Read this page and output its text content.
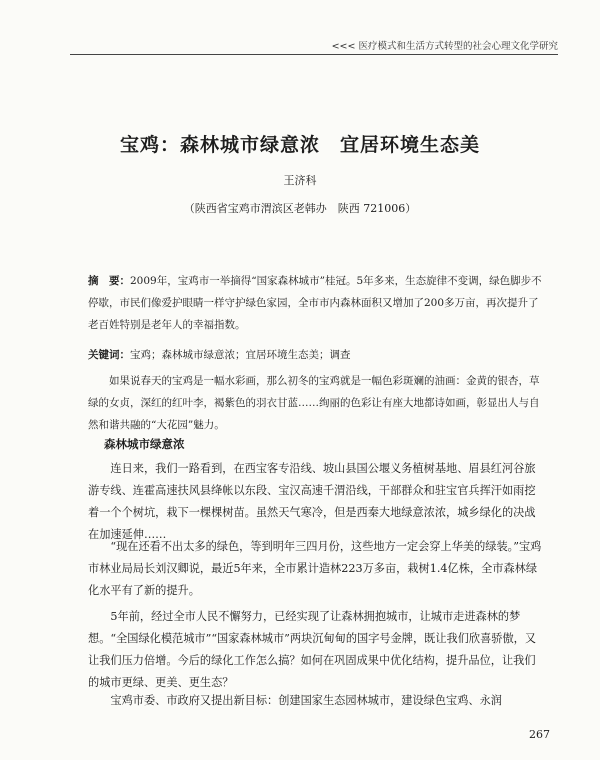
<<< 医疗模式和生活方式转型的社会心理文化学研究
宝鸡：森林城市绿意浓　宜居环境生态美
王济科
（陕西省宝鸡市渭滨区老韩办　陕西 721006）
摘　要：2009年，宝鸡市一举摘得“国家森林城市”桂冠。5年多来，生态旋律不变调，绿色脚步不停歇，市民们像爱护眼睛一样守护绿色家园，全市市内森林面积又增加了200多万亩，再次提升了老百姓特别是老年人的幸福指数。
关键词：宝鸡；森林城市绿意浓；宜居环境生态美；调查
如果说春天的宝鸡是一幅水彩画，那么初冬的宝鸡就是一幅色彩斑斓的油画：金黄的银杏，草绿的女贞，深红的红叶李，褐紫色的羽衣甘蓝……绚丽的色彩让有座大地都诗如画，彰显出人与自然和谐共融的“大花园”魅力。
森林城市绿意浓

连日来，我们一路看到，在西宝客专沿线、坡山县国公堰义务植树基地、眉县红河谷旅游专线、连霍高速扶风县绛帐以东段、宝汉高速千渭沿线，干部群众和驻宝官兵挥汗如雨挖着一个个树坑，栽下一棵棵树苗。虽然天气寒冷，但是西秦大地绿意浓浓，城乡绿化的决战在加速延伸……

“现在还看不出太多的绿色，等到明年三四月份，这些地方一定会穿上华美的绿装。”宝鸡市林业局局长刘汉卿说，最近5年来，全市累计造林223万多亩，栽树1.4亿株，全市森林绿化水平有了新的提升。

5年前，经过全市人民不懈努力，已经实现了让森林拥抱城市，让城市走进森林的梦想。“全国绿化模范城市”“国家森林城市”两块沉甸甸的国字号金牌，既让我们欣喜骄傲，又让我们压力倍增。今后的绿化工作怎么搞？如何在巩固成果中优化结构，提升品位，让我们的城市更绿、更美、更生态？

宝鸡市委、市政府又提出新目标：创建国家生态园林城市，建设绿色宝鸡、永润

267
